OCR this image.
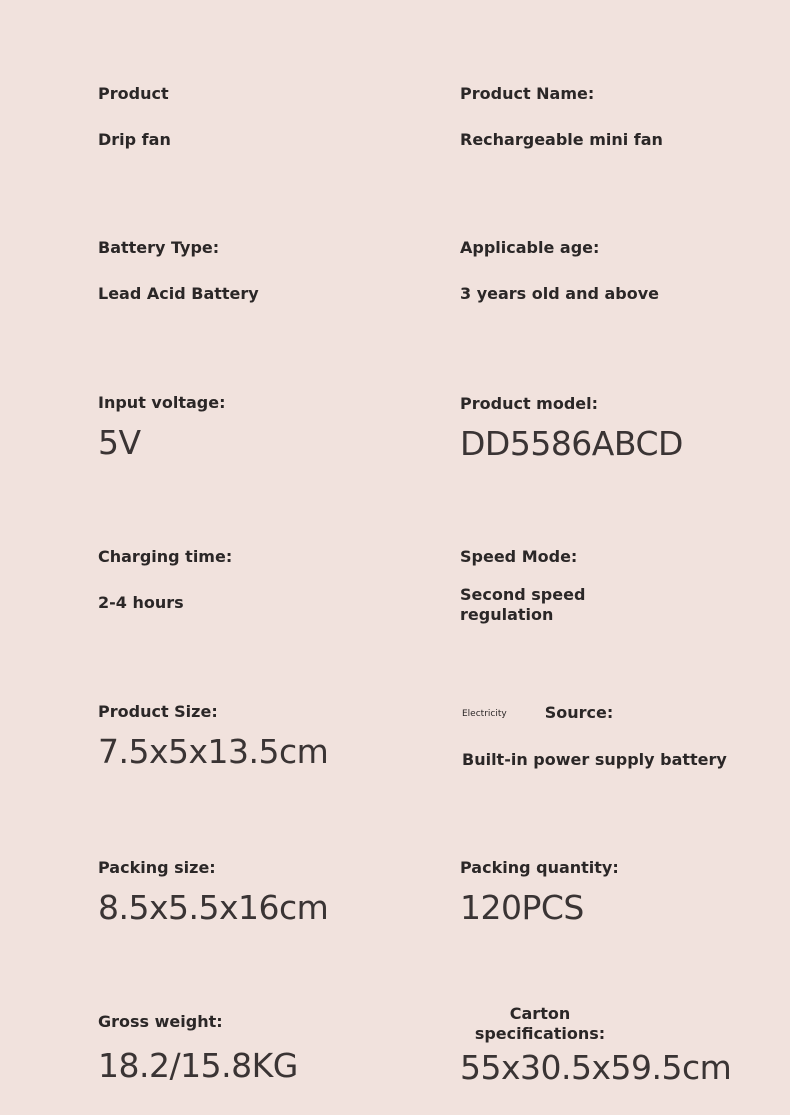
Product
Drip fan
Product Name:
Rechargeable mini fan
Battery Type:
Lead Acid Battery
Applicable age:
3 years old and above
Input voltage:
5V
Product model:
DD5586ABCD
Charging time:
2-4 hours
Speed Mode:
Second speed regulation
Product Size:
7.5x5x13.5cm
Electricity Source:
Built-in power supply battery
Packing size:
8.5x5.5x16cm
Packing quantity:
120PCS
Gross weight:
18.2/15.8KG
Carton specifications:
55x30.5x59.5cm
